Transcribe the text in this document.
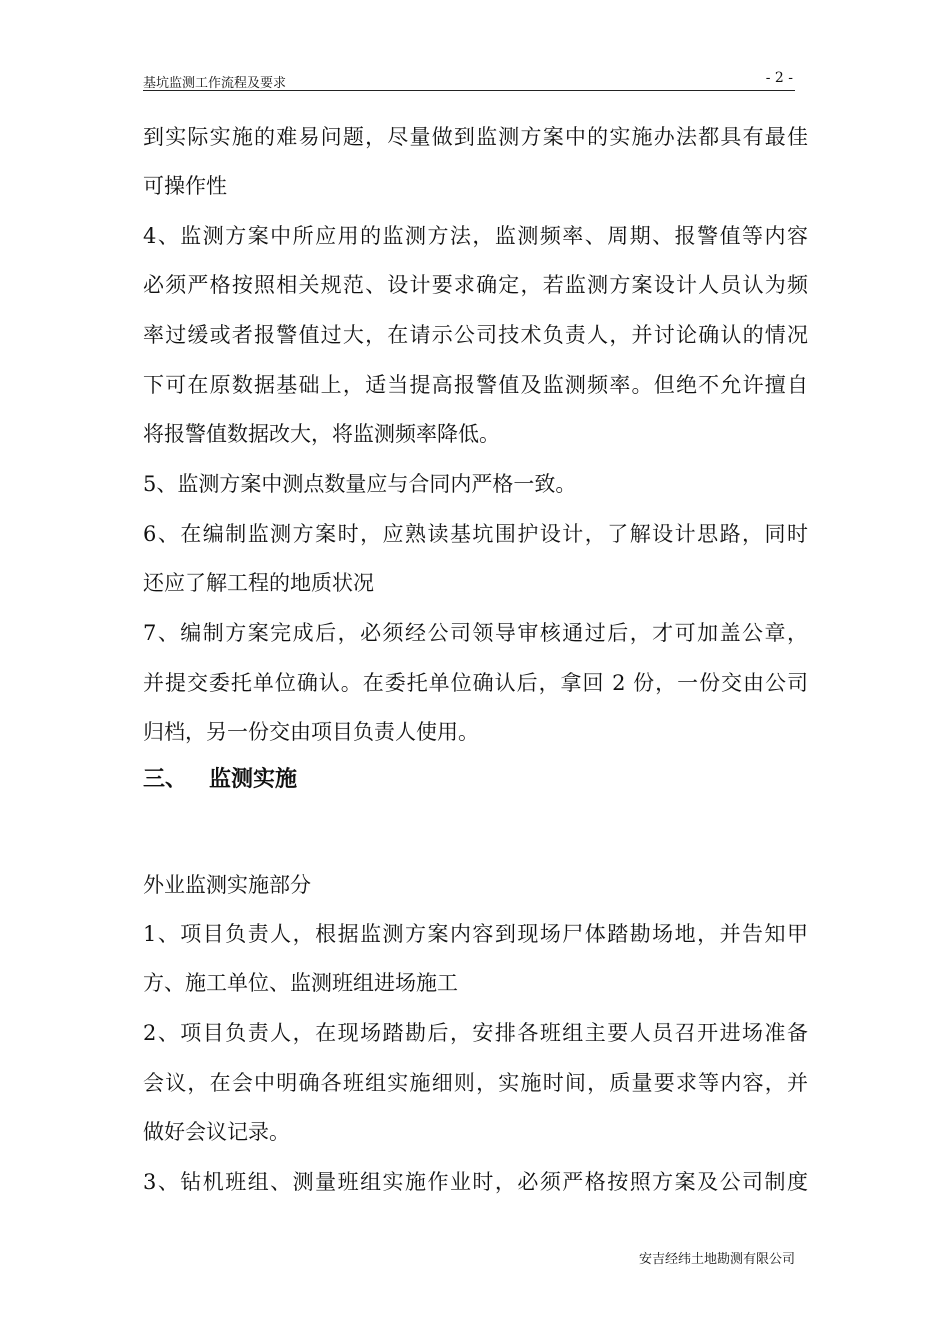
基坑监测工作流程及要求	- 2 -
到实际实施的难易问题，尽量做到监测方案中的实施办法都具有最佳
可操作性
4、监测方案中所应用的监测方法，监测频率、周期、报警值等内容
必须严格按照相关规范、设计要求确定，若监测方案设计人员认为频
率过缓或者报警值过大，在请示公司技术负责人，并讨论确认的情况
下可在原数据基础上，适当提高报警值及监测频率。但绝不允许擅自
将报警值数据改大，将监测频率降低。
5、监测方案中测点数量应与合同内严格一致。
6、在编制监测方案时，应熟读基坑围护设计，了解设计思路，同时
还应了解工程的地质状况
7、编制方案完成后，必须经公司领导审核通过后，才可加盖公章，
并提交委托单位确认。在委托单位确认后，拿回 2 份，一份交由公司
归档，另一份交由项目负责人使用。
三、 监测实施
外业监测实施部分
1、项目负责人，根据监测方案内容到现场尸体踏勘场地，并告知甲
方、施工单位、监测班组进场施工
2、项目负责人，在现场踏勘后，安排各班组主要人员召开进场准备
会议，在会中明确各班组实施细则，实施时间，质量要求等内容，并
做好会议记录。
3、钻机班组、测量班组实施作业时，必须严格按照方案及公司制度
安吉经纬土地勘测有限公司
